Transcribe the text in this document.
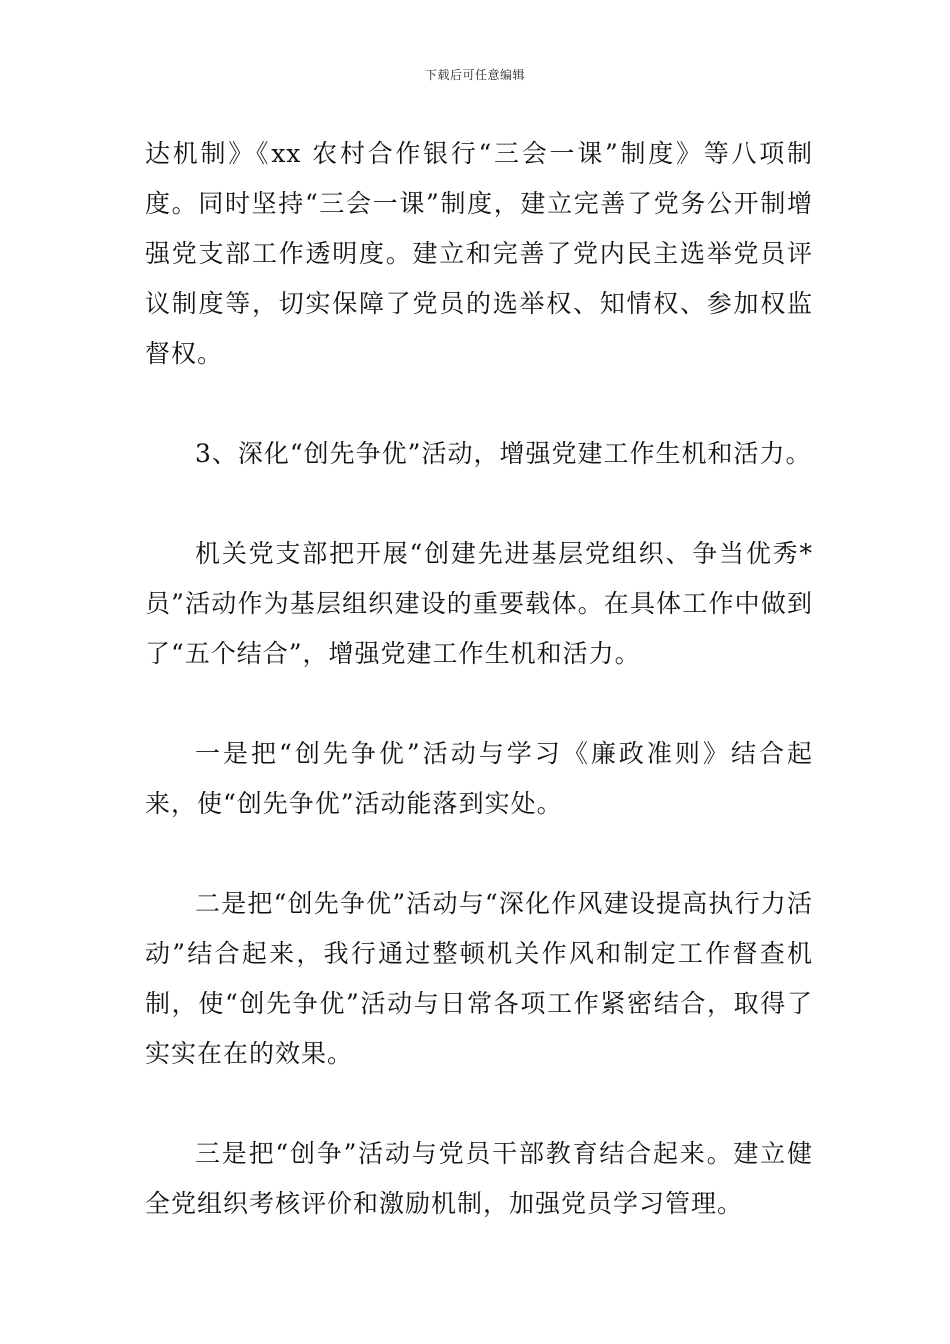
下载后可任意编辑

达机制》《xx 农村合作银行“三会一课”制度》等八项制度。同时坚持“三会一课”制度，建立完善了党务公开制增强党支部工作透明度。建立和完善了党内民主选举党员评议制度等，切实保障了党员的选举权、知情权、参加权监督权。

3、深化“创先争优”活动，增强党建工作生机和活力。

机关党支部把开展“创建先进基层党组织、争当优秀*员”活动作为基层组织建设的重要载体。在具体工作中做到了“五个结合”，增强党建工作生机和活力。

一是把“创先争优”活动与学习《廉政准则》结合起来，使“创先争优”活动能落到实处。

二是把“创先争优”活动与“深化作风建设提高执行力活动”结合起来，我行通过整顿机关作风和制定工作督查机制，使“创先争优”活动与日常各项工作紧密结合，取得了实实在在的效果。

三是把“创争”活动与党员干部教育结合起来。建立健全党组织考核评价和激励机制，加强党员学习管理。
